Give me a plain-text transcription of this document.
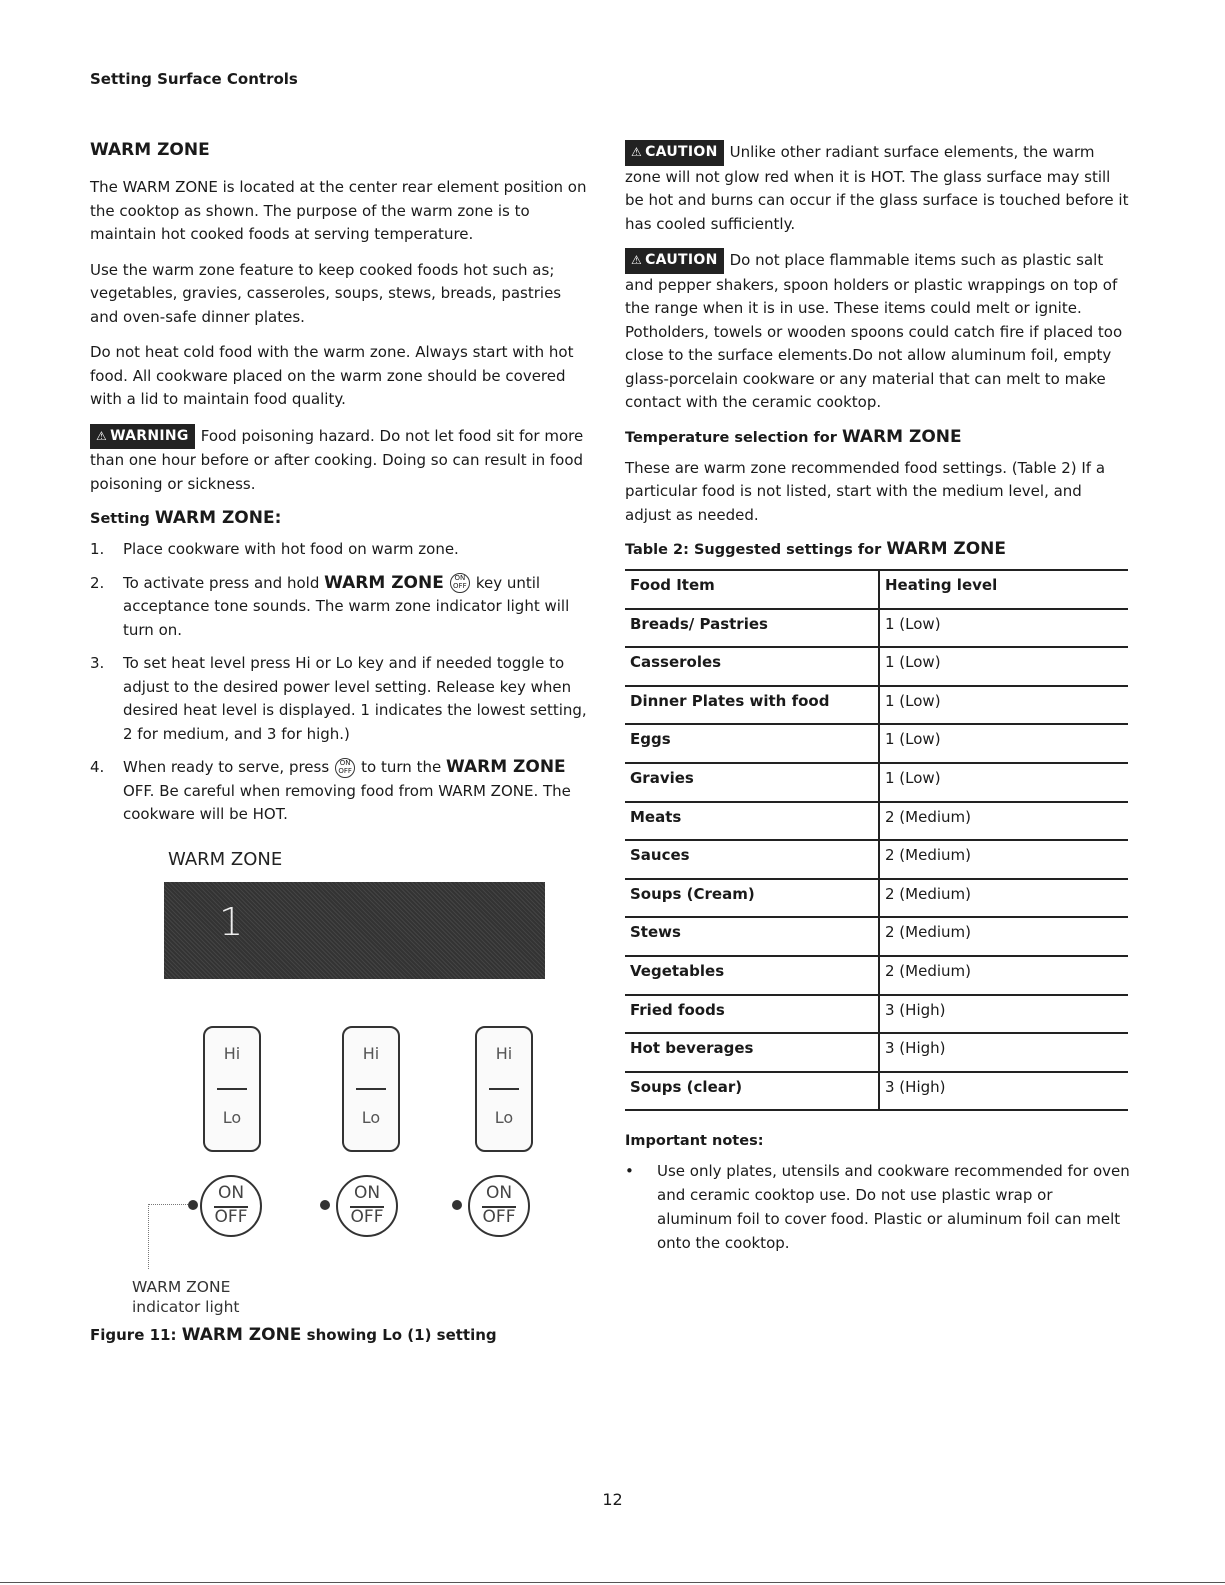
Setting Surface Controls
WARM ZONE

The WARM ZONE is located at the center rear element position on the cooktop as shown. The purpose of the warm zone is to maintain hot cooked foods at serving temperature.

Use the warm zone feature to keep cooked foods hot such as; vegetables, gravies, casseroles, soups, stews, breads, pastries and oven-safe dinner plates.

Do not heat cold food with the warm zone. Always start with hot food. All cookware placed on the warm zone should be covered with a lid to maintain food quality.

⚠ WARNING Food poisoning hazard. Do not let food sit for more than one hour before or after cooking. Doing so can result in food poisoning or sickness.

Setting WARM ZONE:
1. Place cookware with hot food on warm zone.
2. To activate press and hold WARM ZONE	ON
OFF key until acceptance tone sounds. The warm zone indicator light will turn on.
3. To set heat level press Hi or Lo key and if needed toggle to adjust to the desired power level setting. Release key when desired heat level is displayed. 1 indicates the lowest setting, 2 for medium, and 3 for high.)
4. When ready to serve, press	ON
OFF to turn the WARM ZONE OFF. Be careful when removing food from WARM ZONE. The cookware will be HOT.
WARM ZONE
1
Hi
Lo
Hi
Lo
Hi
Lo
ON
OFF
ON
OFF
ON
OFF
WARM ZONE
indicator light
Figure 11: WARM ZONE showing Lo (1) setting

⚠ CAUTION Unlike other radiant surface elements, the warm zone will not glow red when it is HOT. The glass surface may still be hot and burns can occur if the glass surface is touched before it has cooled sufficiently.

⚠ CAUTION Do not place flammable items such as plastic salt and pepper shakers, spoon holders or plastic wrappings on top of the range when it is in use. These items could melt or ignite. Potholders, towels or wooden spoons could catch fire if placed too close to the surface elements.Do not allow aluminum foil, empty glass-porcelain cookware or any material that can melt to make contact with the ceramic cooktop.

Temperature selection for WARM ZONE

These are warm zone recommended food settings. (Table 2) If a particular food is not listed, start with the medium level, and adjust as needed.

Table 2: Suggested settings for WARM ZONE
Food Item	Heating level
Breads/ Pastries	1 (Low)
Casseroles	1 (Low)
Dinner Plates with food	1 (Low)
Eggs	1 (Low)
Gravies	1 (Low)
Meats	2 (Medium)
Sauces	2 (Medium)
Soups (Cream)	2 (Medium)
Stews	2 (Medium)
Vegetables	2 (Medium)
Fried foods	3 (High)
Hot beverages	3 (High)
Soups (clear)	3 (High)
Important notes:
• Use only plates, utensils and cookware recommended for oven and ceramic cooktop use. Do not use plastic wrap or aluminum foil to cover food. Plastic or aluminum foil can melt onto the cooktop.
12
